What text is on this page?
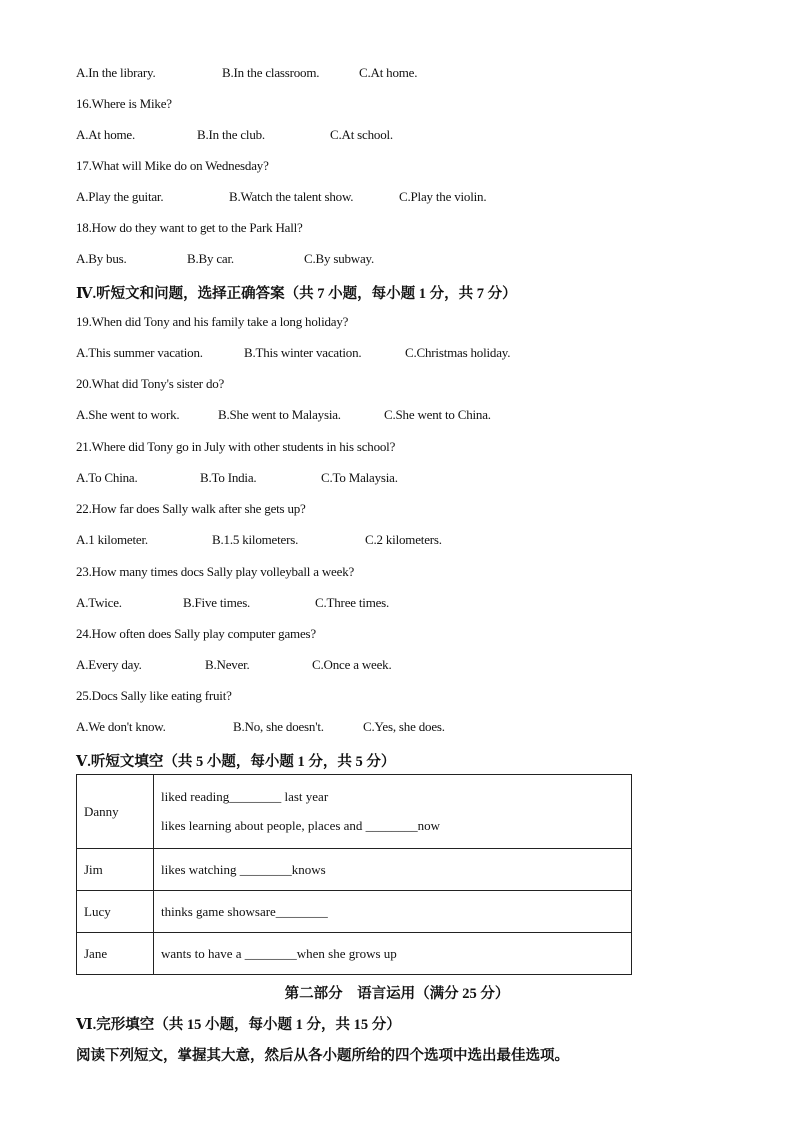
A.In the library.	B.In the classroom.	C.At home.
16.Where is Mike?
A.At home.	B.In the club.	C.At school.
17.What will Mike do on Wednesday?
A.Play the guitar.	B.Watch the talent show.	C.Play the violin.
18.How do they want to get to the Park Hall?
A.By bus.	B.By car.	C.By subway.
Ⅳ.听短文和问题，选择正确答案（共 7 小题，每小题 1 分，共 7 分）
19.When did Tony and his family take a long holiday?
A.This summer vacation.	B.This winter vacation.	C.Christmas holiday.
20.What did Tony's sister do?
A.She went to work.	B.She went to Malaysia.	C.She went to China.
21.Where did Tony go in July with other students in his school?
A.To China.	B.To India.	C.To Malaysia.
22.How far does Sally walk after she gets up?
A.1 kilometer.	B.1.5 kilometers.	C.2 kilometers.
23.How many times docs Sally play volleyball a week?
A.Twice.	B.Five times.	C.Three times.
24.How often does Sally play computer games?
A.Every day.	B.Never.	C.Once a week.
25.Docs Sally like eating fruit?
A.We don't know.	B.No, she doesn't.	C.Yes, she does.
Ⅴ.听短文填空（共 5 小题，每小题 1 分，共 5 分）
Danny	liked reading________ last year
likes learning about people, places and ________now

Jim	likes watching ________knows

Lucy	thinks game showsare________

Jane	wants to have a ________when she grows up
第二部分　语言运用（满分 25 分）
Ⅵ.完形填空（共 15 小题，每小题 1 分，共 15 分）
阅读下列短文，掌握其大意，然后从各小题所给的四个选项中选出最佳选项。
